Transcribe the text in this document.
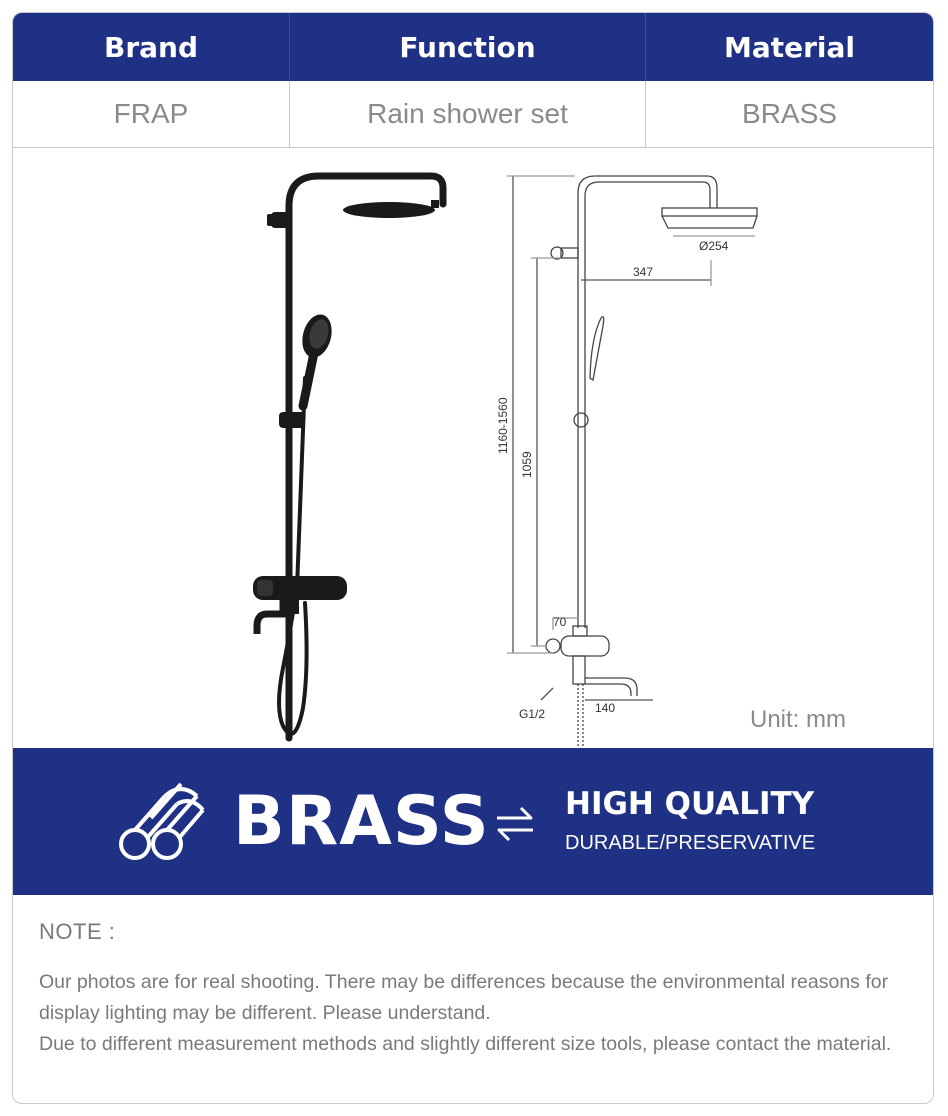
Brand	Function	Material
FRAP	Rain shower set	BRASS
Ø254
347
1160-1560
1059
70
140
G1/2	Unit: mm
BRASS HIGH QUALITY
DURABLE/PRESERVATIVE
NOTE :

Our photos are for real shooting. There may be differences because the environmental reasons for display lighting may be different. Please understand.

Due to different measurement methods and slightly different size tools, please contact the material.
